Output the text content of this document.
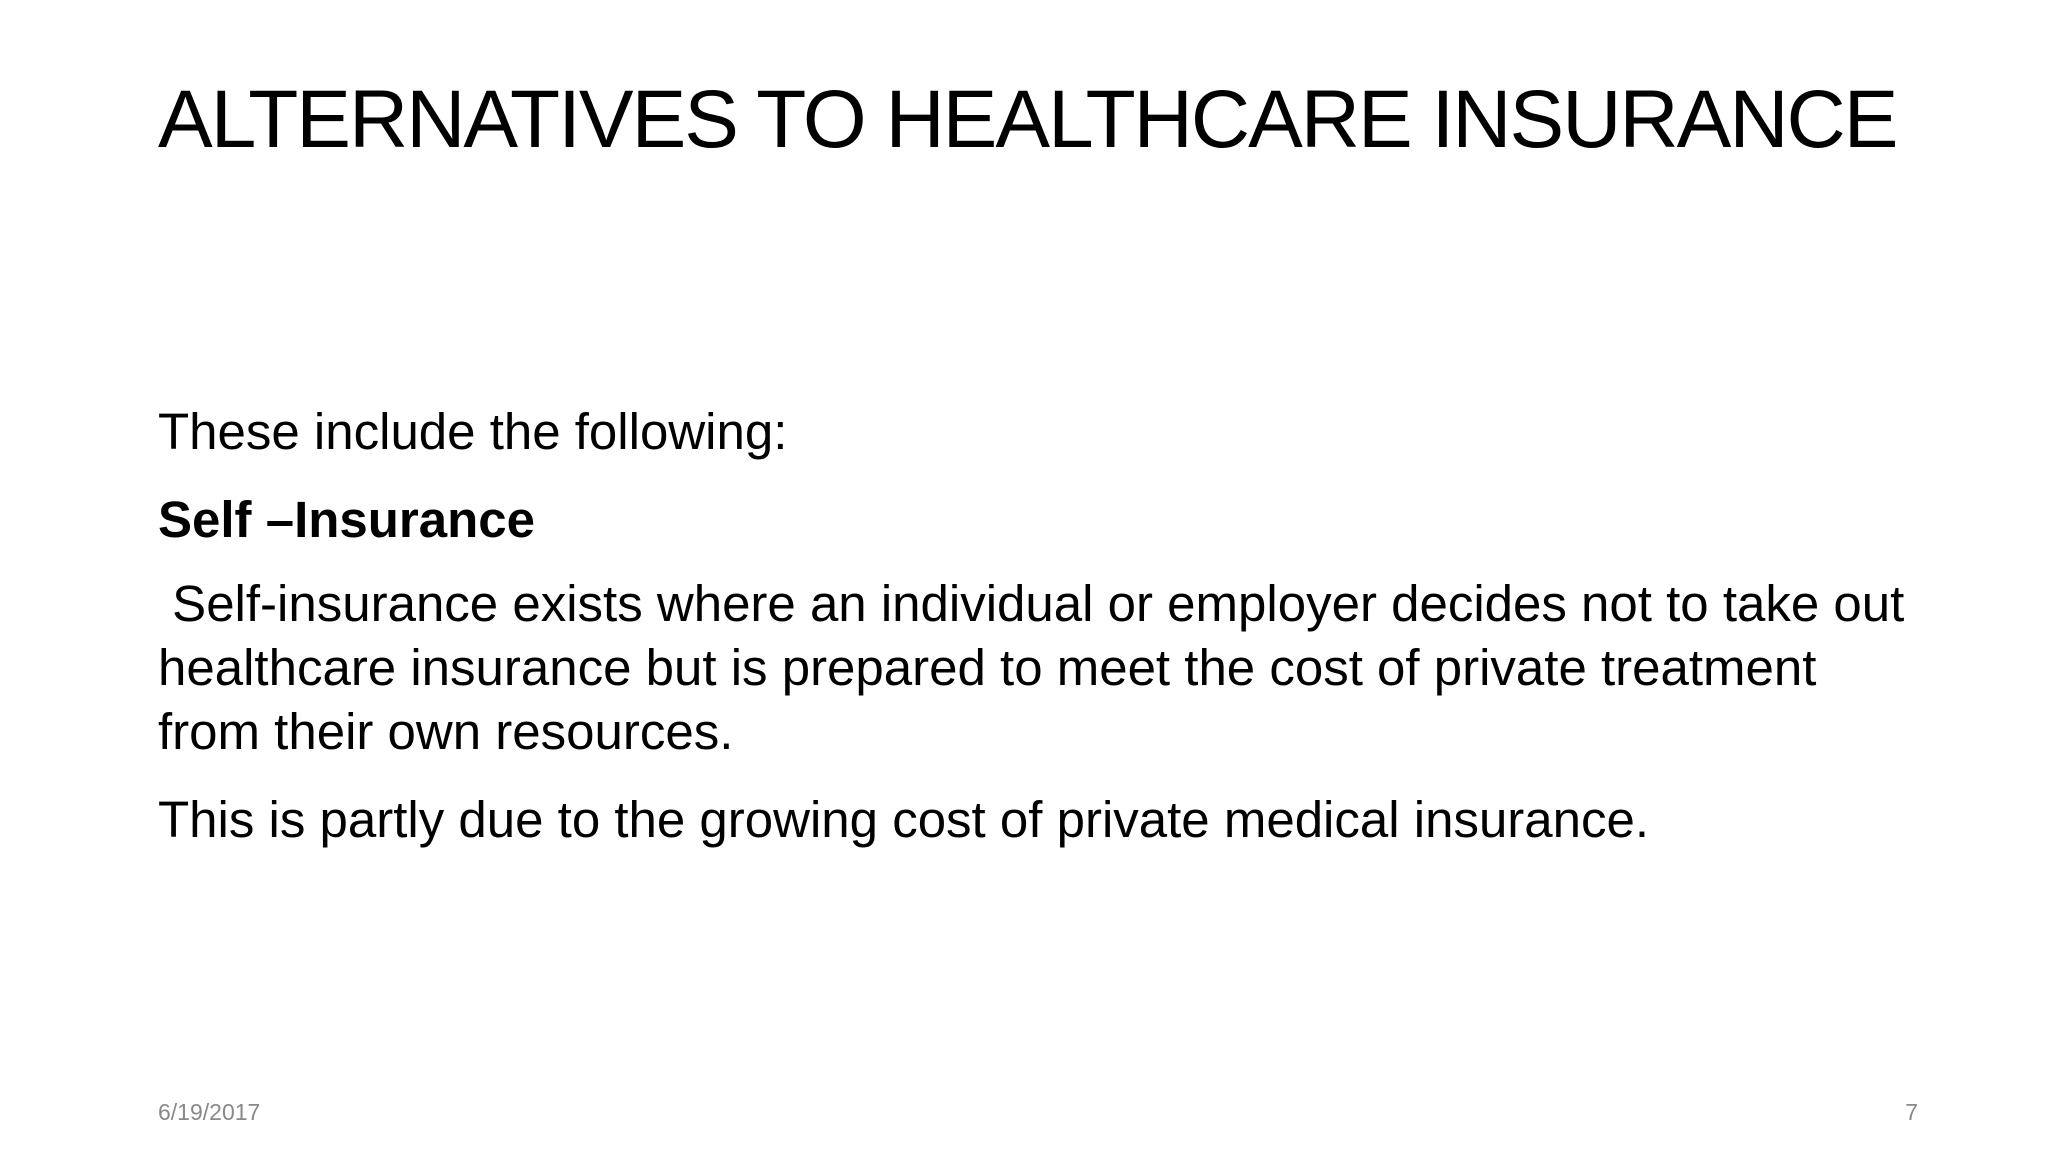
ALTERNATIVES TO HEALTHCARE INSURANCE

These include the following:

Self –Insurance

Self-insurance exists where an individual or employer decides not to take out healthcare insurance but is prepared to meet the cost of private treatment from their own resources.

This is partly due to the growing cost of private medical insurance.

6/19/2017	7
